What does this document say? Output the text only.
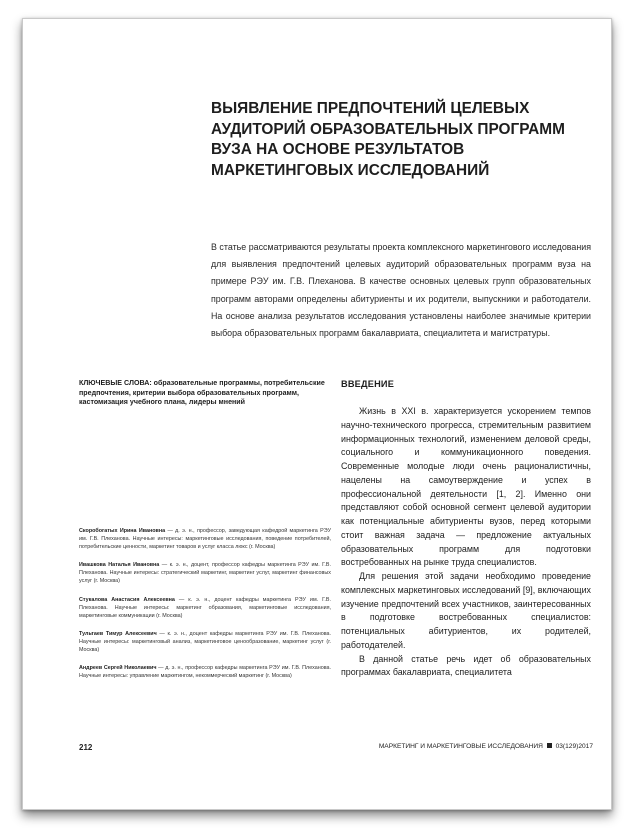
ВЫЯВЛЕНИЕ ПРЕДПОЧТЕНИЙ ЦЕЛЕВЫХ АУДИТОРИЙ ОБРАЗОВАТЕЛЬНЫХ ПРОГРАММ ВУЗА НА ОСНОВЕ РЕЗУЛЬТАТОВ МАРКЕТИНГОВЫХ ИССЛЕДОВАНИЙ

В статье рассматриваются результаты проекта комплексного маркетингового исследования для выявления предпочтений целевых аудиторий образовательных программ вуза на примере РЭУ им. Г.В. Плеханова. В качестве основных целевых групп образовательных программ авторами определены абитуриенты и их родители, выпускники и работодатели. На основе анализа результатов исследования установлены наиболее значимые критерии выбора образовательных программ бакалавриата, специалитета и магистратуры.

КЛЮЧЕВЫЕ СЛОВА: образовательные программы, потребительские предпочтения, критерии выбора образовательных программ, кастомизация учебного плана, лидеры мнений

Скоробогатых Ирина Ивановна — д. э. н., профессор, заведующая кафедрой маркетинга РЭУ им. Г.В. Плеханова. Научные интересы: маркетинговые исследования, поведение потребителей, потребительские ценности, маркетинг товаров и услуг класса люкс (г. Москва)

Ивашкова Наталья Ивановна — к. э. н., доцент, профессор кафедры маркетинга РЭУ им. Г.В. Плеханова. Научные интересы: стратегический маркетинг, маркетинг услуг, маркетинг финансовых услуг (г. Москва)

Стукалова Анастасия Алексеевна — к. э. н., доцент кафедры маркетинга РЭУ им. Г.В. Плеханова. Научные интересы: маркетинг образования, маркетинговые исследования, маркетинговые коммуникации (г. Москва)

Тультаев Тимур Алексеевич — к. э. н., доцент кафедры маркетинга РЭУ им. Г.В. Плеханова. Научные интересы: маркетинговый анализ, маркетинговое ценообразование, маркетинг услуг (г. Москва)

Андреев Сергей Николаевич — д. э. н., профессор кафедры маркетинга РЭУ им. Г.В. Плеханова. Научные интересы: управление маркетингом, некоммерческий маркетинг (г. Москва)

ВВЕДЕНИЕ

Жизнь в XXI в. характеризуется ускорением темпов научно-технического прогресса, стремительным развитием информационных технологий, изменением деловой среды, социального и коммуникационного поведения. Современные молодые люди очень рационалистичны, нацелены на самоутверждение и успех в профессиональной деятельности [1, 2]. Именно они представляют собой основной сегмент целевой аудитории как потенциальные абитуриенты вузов, перед которыми стоит важная задача — предложение актуальных образовательных программ для подготовки востребованных на рынке труда специалистов.

Для решения этой задачи необходимо проведение комплексных маркетинговых исследований [9], включающих изучение предпочтений всех участников, заинтересованных в подготовке востребованных специалистов: потенциальных абитуриентов, их родителей, работодателей.

В данной статье речь идет об образовательных программах бакалавриата, специалитета

212	МАРКЕТИНГ И МАРКЕТИНГОВЫЕ ИССЛЕДОВАНИЯ 03(129)2017
